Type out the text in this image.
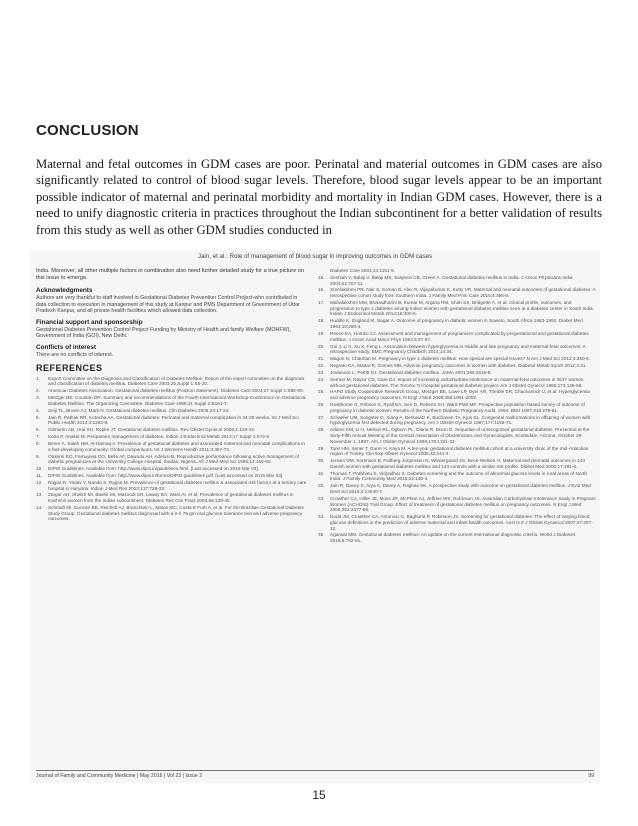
CONCLUSION
Maternal and fetal outcomes in GDM cases are poor. Perinatal and material outcomes in GDM cases are also significantly related to control of blood sugar levels. Therefore, blood sugar levels appear to be an important possible indicator of maternal and perinatal morbidity and mortality in Indian GDM cases. However, there is a need to unify diagnostic criteria in practices throughout the Indian subcontinent for a better validation of results from this study as well as other GDM studies conducted in
Jain, et al.: Role of management of blood sugar in improving outcomes in GDM cases
India. Moreover, all other multiple factors in combination also need further detailed study for a true picture on this issue to emerge.
Acknowledgments
Authors are very thankful to staff involved in Gestational Diabetes Prevention Control Project-who contributed in data collection to execution in management of this study at Kanpur and PMS Department of Government of Uttar Pradesh Kanpur, and all private health facilities which allowed data collection.
Financial support and sponsorship
Gestational Diabetes Prevention Control Project Funding by Ministry of Health and family Welfare (MOHFW), Government of India (GOI), New Delhi.
Conflicts of interest
There are no conflicts of interest.
REFERENCES
1.	Expert Committee on the Diagnosis and Classification of Diabetes Mellitus. Report of the expert committee on the diagnosis and classification of diabetes mellitus. Diabetes Care 2003;26 Suppl 1:S5-20.
2.	American Diabetes Association. Gestational diabetes mellitus (Position statement). Diabetes Care 2004;27 Suppl 1:S88-90.
3.	Metzger BE, Coustan DR. Summary and recommendations of the Fourth International Workshop-Conference on Gestational Diabetes Mellitus. The Organizing Committee. Diabetes Care 1998;21 Suppl 2:B161-7.
4.	Seiji TL, Brown AJ, Mark N. Gestational diabetes mellitus. Clin Diabetes 2005;23:17-24.
5.	Jain R, Pathak RR, Kotecha AA. Gestational diabetes: Perinatal and maternal complication in 24-28 weeks. Int J Med Sci Public Health 2014;3:1283-8.
6.	Gilmartin AB, Ural SH, Repke JT. Gestational diabetes mellitus. Rev Obstet Gynecol 2008;1:129-34.
7.	Kalra P, Anakal M. Peripartum management of diabetes. Indian J Endocrinol Metab 2013;17 Suppl 1:S72-6.
8.	Bener A, Saleh NM, Al-Hamaq A. Prevalence of gestational diabetes and associated maternal and neonatal complications in a fast-developing community: Global comparisons. Int J Womens Health 2011;3:367-73.
9.	Otolorin EO, Famuyiwa OO, Bella AF, Dawodu AH, Adelusi B. Reproductive performance following active management of diabetic pregnancies at the University College Hospital, Ibadan, Nigeria. Afr J Med Med Sci 1985;14:155-60.
10.	DIPSI Guidelines. Available from: http://www.dipsi.in/guidelines.html. [Last accessed on 2016 Mar 03].
11.	DIPSI Guidelines. Available from: http://www.dipsi.in/forms/DIPSI-guidelines.pdf. [Last accessed on 2016 Mar 03].
12.	Rajput R, Yadav Y, Nanda S, Rajput M. Prevalence of gestational diabetes mellitus & associated risk factors at a tertiary care hospital in Haryana. Indian J Med Res 2013;137:728-33.
13.	Zargar AH, Sheikh MI, Bashir MI, Masoodi SR, Laway BA, Wani AI, et al. Prevalence of gestational diabetes mellitus in Kashmiri women from the Indian subcontinent. Diabetes Res Clin Pract 2004;66:139-45.
14.	Schmidt MI, Duncan BB, Reichelt AJ, Branchtein L, Matos MC, Costa E Forti A, et al. For the Brazilian Gestational Diabetes Study Group. Gestational diabetes mellitus diagnosed with a 2-h 75 gm oral glucose tolerance test and adverse pregnancy outcomes.
Diabetes Care 2001;24:1151-5.
15.	Seshiah V, Balaji V, Balaji MS, Sanjeevi CB, Green A. Gestational diabetes mellitus in India. J Assoc Physicians India 2004;52:707-11.
16.	Sreelakshmi PR, Nair S, Soman B, Alex R, Vijayakumar K, Kutty VR. Maternal and neonatal outcomes of gestational diabetes: A retrospective cohort study from Southern India. J Family Med Prim Care 2015;4:395-8.
17.	Mahalakshmi MM, Bhavadharini B, Kumar M, Anjana RM, Shah SS, Bridgette A, et al. Clinical profile, outcomes, and progression to type 2 diabetes among Indian women with gestational diabetes mellitus seen at a diabetes center in South India. Indian J Endocrinol Metab 2014;18:400-6.
18.	Huddle K, England M, Nagar A. Outcome of pregnancy in diabetic women in Soweto, South Africa 1983-1992. Diabet Med 1993;10:290-4.
19.	Reece EA, Homko CJ. Assessment and management of pregnancies complicated by pregestational and gestational diabetes mellitus. J Assoc Acad Minor Phys 1994;5:87-97.
20.	Gui J, Li A, Su X, Feng L. Association between hyperglycemia in middle and late pregnancy and maternal-fetal outcomes: A retrospective study. BMC Pregnancy Childbirth 2014;14:34.
21.	Magon N, Chauhan M. Pregnancy in type 1 diabetes mellitus: How special are special issues? N Am J Med Sci 2012;4:250-6.
22.	Negrato CA, Mattar R, Gomes MB. Adverse pregnancy outcomes in women with diabetes. Diabetol Metab Syndr 2012;4:41.
23.	Jovanovic L, Pettitt DJ. Gestational diabetes mellitus. JAMA 2001;286:2516-8.
24.	Sermer M, Naylor CD, Gare DJ. Impact of increasing carbohydrate intolerance on maternal-fetal outcomes in 3637 women without gestational diabetes. The Toronto Tri-hospital gestational diabetes project. Am J Obstet Gynecol 1995;173:146-56.
25.	HAPO Study Cooperative Research Group, Metzger BE, Lowe LP, Dyer AR, Trimble ER, Chaovarindr U, et al. Hyperglycemia and adverse pregnancy outcomes. N Engl J Med 2008;358:1991-2002.
26.	Hawthorne G, Robson S, Ryall EA, Sen D, Roberts SH, Ward Platt MP. Prospective population based survey of outcome of pregnancy in diabetic women: Results of the Northern Diabetic Pregnancy Audit, 1994. BMJ 1997;315:279-81.
27.	Schaefer UM, Songster G, Xiang A, Berkowitz K, Buchanan TA, Kjos SL. Congenital malformations in offspring of women with hyperglycemia first detected during pregnancy. Am J Obstet Gynecol 1997;177:1165-71.
28.	Adams KM, Li H, Nelson RL, Ogburn PL, Diana R. Dixon D. Sequelae of unrecognized gestational diabetes. Presented at the Sixty-Fifth Annual Meeting of the Central Association of Obstetricians and Gynecologists, Scottsdale, Arizona, October 29-November 1, 1997. Am J Obstet Gynecol 1998;178:1321-32.
29.	Tanir HM, Sener T, Gurer H, Kaya M. A ten-year gestational diabetes mellitus cohort at a university clinic of the mid-Anatolian region of Turkey. Clin Exp Obstet Gynecol 2005;32:241-4.
30.	Jensen DM, Sorensen B, Feilberg-Jorgensen N, Westergaard JG, Beck-Nielsen H. Maternal and perinatal outcomes in 143 Danish women with gestational diabetes mellitus and 143 controls with a similar risk profile. Diabet Med 2000;17:281-6.
31.	Thomas T, Prabhatu S, Vidyadhar S. Diabetes screening and the outcome of abnormal glucose levels in rural areas of North India. J Family Community Med 2015;22:140-4.
32.	Jain R, Davey S, Arya S, Davey A, Raghav SK. A prospective study with outcome on gestational diabetes mellitus. J Evol Med Dent Sci 2015;4:13640-7.
33.	Crowther CA, Hiller JE, Moss JR, McPhee AJ, Jeffries WS, Robinson JS. Australian Carbohydrate Intolerance Study in Pregnant Women (ACHOIS) Trial Group. Effect of treatment of gestational diabetes mellitus on pregnancy outcomes. N Engl J Med 2005;352:2477-86.
34.	Dodd JM, Crowther CA, Antoniou G, Baghurst P, Robinson JS. Screening for gestational diabetes: The effect of varying blood glucose definitions in the prediction of adverse maternal and infant health outcomes. Aust N Z J Obstet Gynaecol 2007;47:307-12.
35.	Agarwal MM. Gestational diabetes mellitus: An update on the current international diagnostic criteria. World J Diabetes 2015;6:782-91.
Journal of Family and Community Medicine | May 2016 | Vol 23 | Issue 2	99
15
